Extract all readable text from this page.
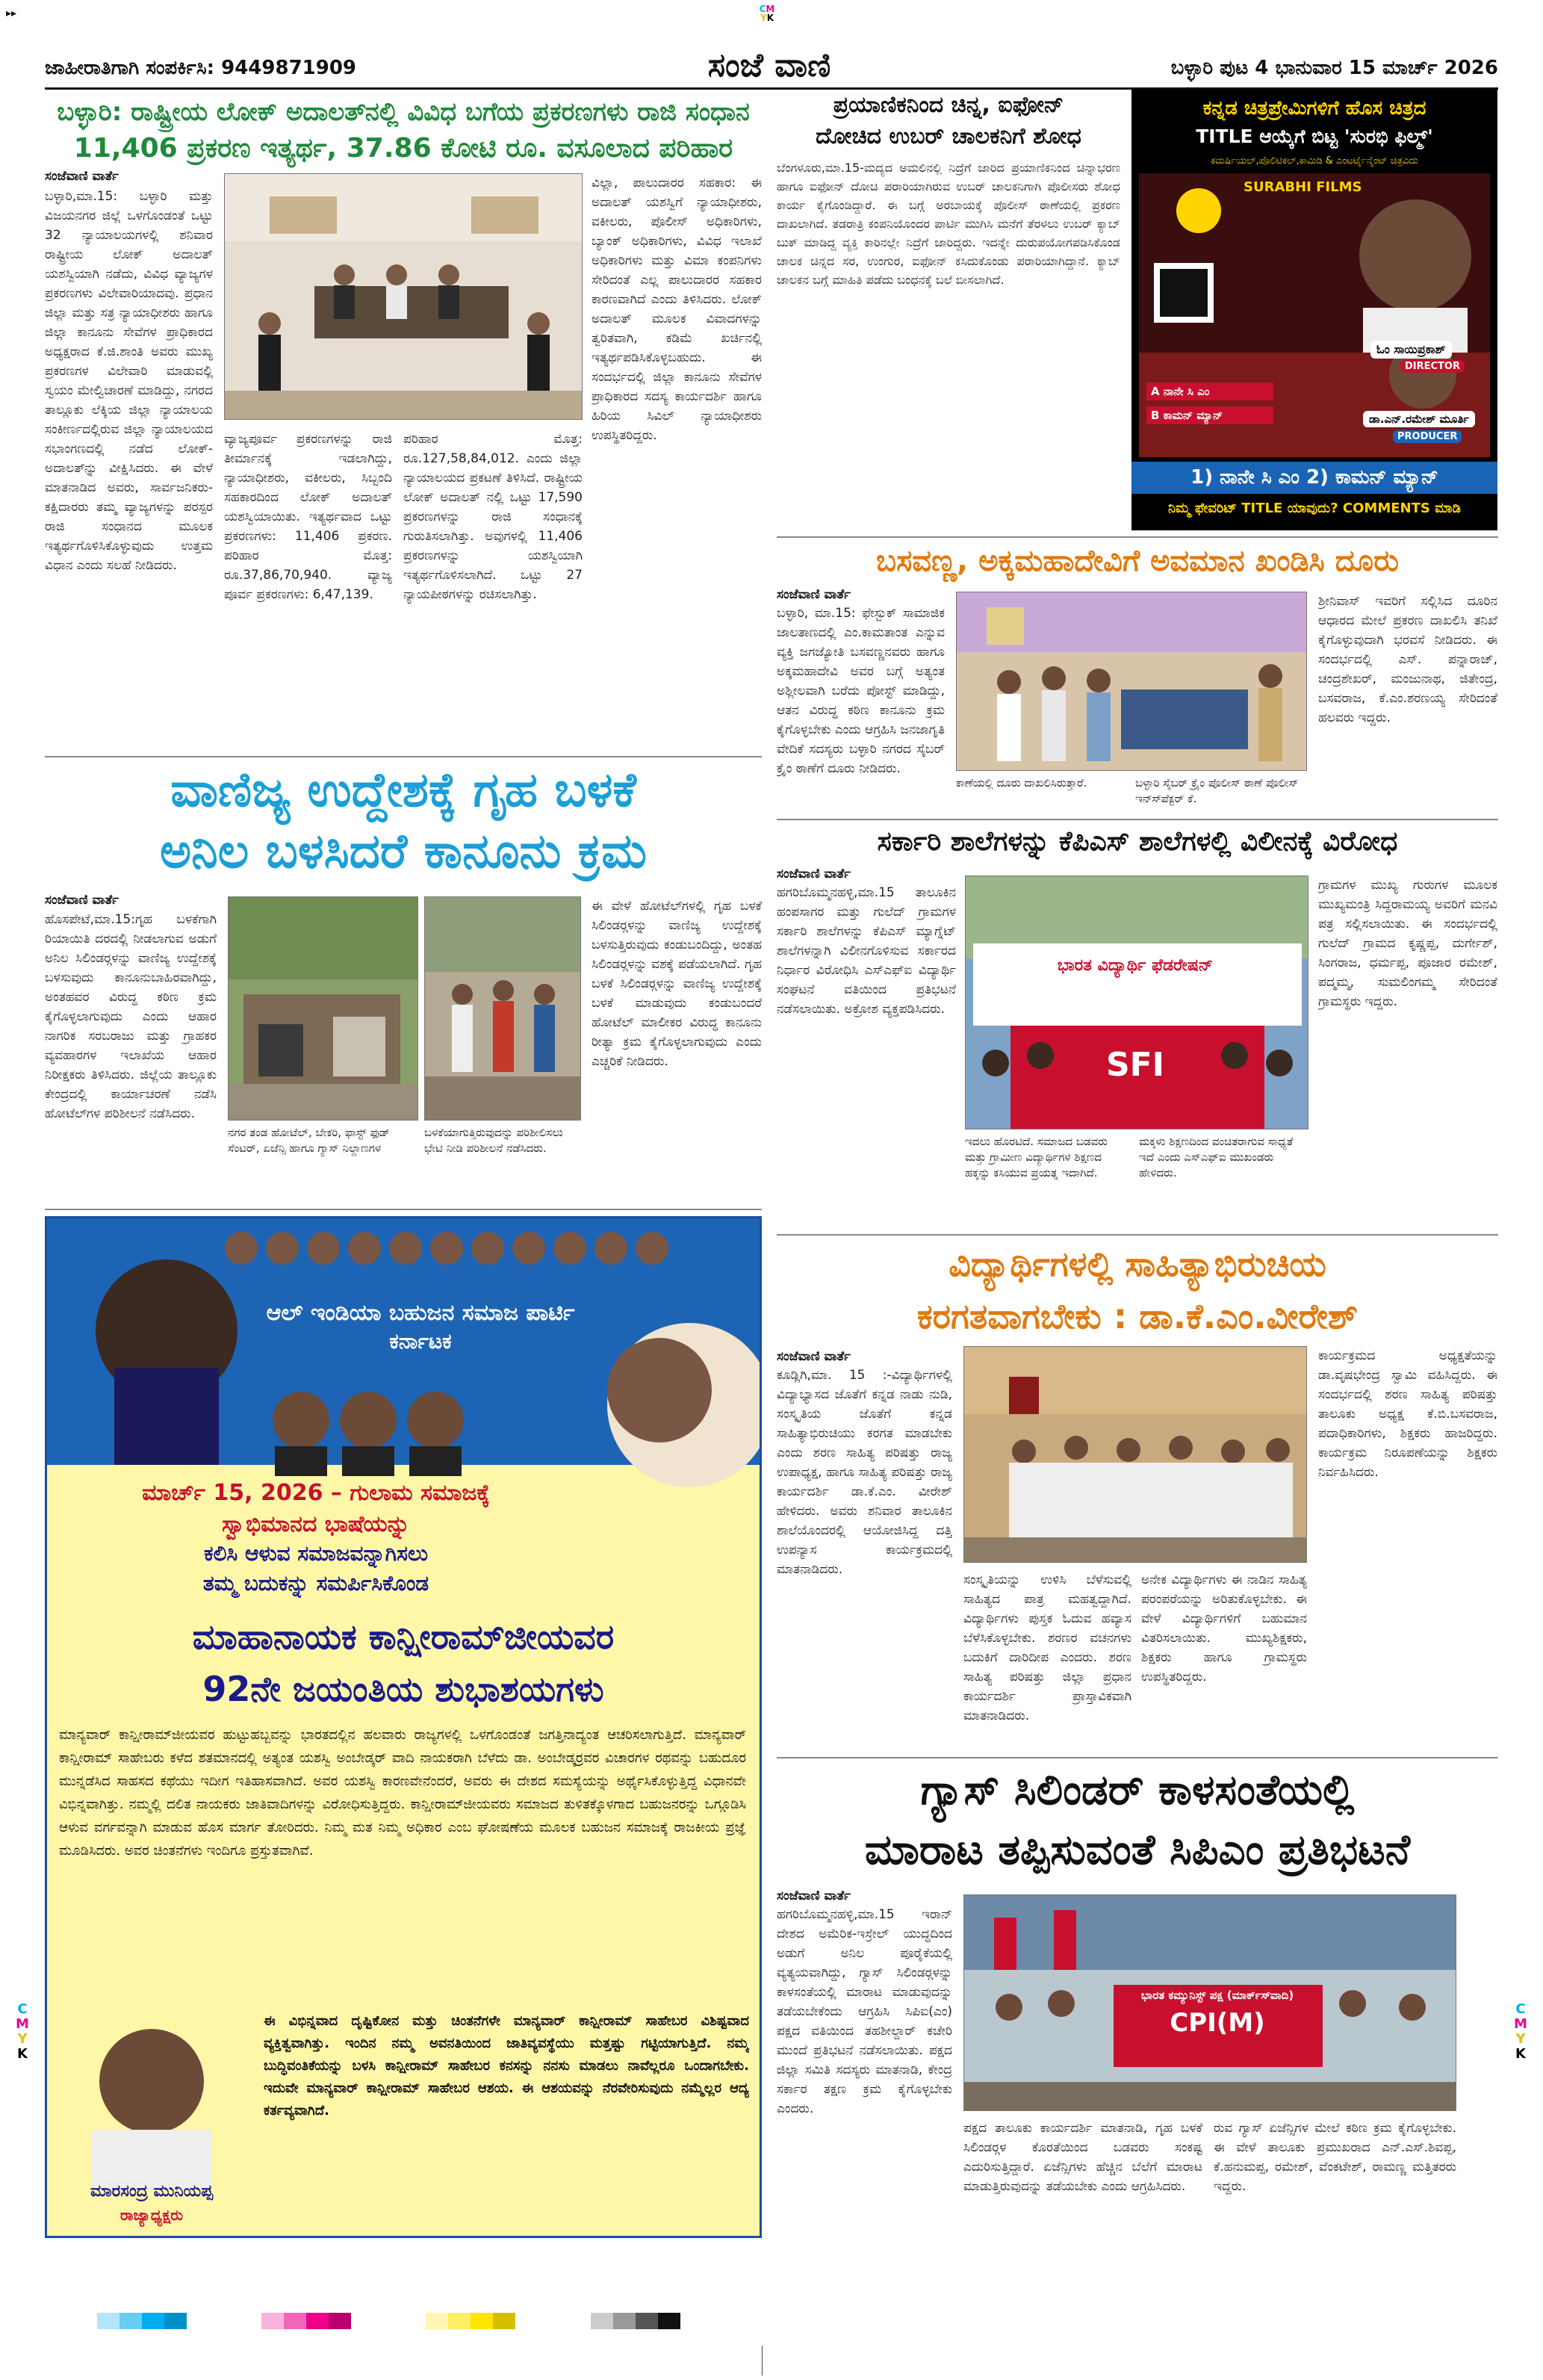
▸▸	CM
YK
ಜಾಹೀರಾತಿಗಾಗಿ ಸಂಪರ್ಕಿಸಿ: 9449871909	ಸಂಜೆ ವಾಣಿ	ಬಳ್ಳಾರಿ ಪುಟ 4 ಭಾನುವಾರ 15 ಮಾರ್ಚ್ 2026
ಬಳ್ಳಾರಿ: ರಾಷ್ಟ್ರೀಯ ಲೋಕ್ ಅದಾಲತ್‍ನಲ್ಲಿ ವಿವಿಧ ಬಗೆಯ ಪ್ರಕರಣಗಳು ರಾಜಿ ಸಂಧಾನ
11,406 ಪ್ರಕರಣ ಇತ್ಯರ್ಥ, 37.86 ಕೋಟಿ ರೂ. ವಸೂಲಾದ ಪರಿಹಾರ
ಸಂಜೆವಾಣಿ ವಾರ್ತೆ
ಬಳ್ಳಾರಿ,ಮಾ.15: ಬಳ್ಳಾರಿ ಮತ್ತು ವಿಜಯನಗರ ಜಿಲ್ಲೆ ಒಳಗೊಂಡಂತೆ ಒಟ್ಟು 32 ನ್ಯಾಯಾಲಯಗಳಲ್ಲಿ ಶನಿವಾರ ರಾಷ್ಟ್ರೀಯ ಲೋಕ್ ಅದಾಲತ್ ಯಶಸ್ವಿಯಾಗಿ ನಡೆದು, ವಿವಿಧ ವ್ಯಾಜ್ಯಗಳ ಪ್ರಕರಣಗಳು ವಿಲೇವಾರಿಯಾದವು. ಪ್ರಧಾನ ಜಿಲ್ಲಾ ಮತ್ತು ಸತ್ರ ನ್ಯಾಯಾಧೀಶರು ಹಾಗೂ ಜಿಲ್ಲಾ ಕಾನೂನು ಸೇವೆಗಳ ಪ್ರಾಧಿಕಾರದ ಅಧ್ಯಕ್ಷರಾದ ಕೆ.ಜಿ.ಶಾಂತಿ ಅವರು ಮುಖ್ಯ ಪ್ರಕರಣಗಳ ವಿಲೇವಾರಿ ಮಾಡುವಲ್ಲಿ ಸ್ವಯಂ ಮೇಲ್ವಿಚಾರಣೆ ಮಾಡಿದ್ದು, ನಗರದ ತಾಲ್ಲೂಕು ಲೆಕ್ಕಿಯ ಜಿಲ್ಲಾ ನ್ಯಾಯಾಲಯ ಸಂಕೀರ್ಣದಲ್ಲಿರುವ ಜಿಲ್ಲಾ ನ್ಯಾಯಾಲಯದ ಸಭಾಂಗಣದಲ್ಲಿ ನಡೆದ ಲೋಕ್-ಅದಾಲತ್‍ನ್ನು ವೀಕ್ಷಿಸಿದರು. ಈ ವೇಳೆ ಮಾತನಾಡಿದ ಅವರು, ಸಾರ್ವಜನಿಕರು-ಕಕ್ಷಿದಾರರು ತಮ್ಮ ವ್ಯಾಜ್ಯಗಳನ್ನು ಪರಸ್ಪರ ರಾಜಿ ಸಂಧಾನದ ಮೂಲಕ ಇತ್ಯರ್ಥಗೊಳಿಸಿಕೊಳ್ಳುವುದು ಉತ್ತಮ ವಿಧಾನ ಎಂದು ಸಲಹೆ ನೀಡಿದರು.
ವ್ಯಾಜ್ಯಪೂರ್ವ ಪ್ರಕರಣಗಳನ್ನು ರಾಜಿ ತೀರ್ಮಾನಕ್ಕೆ ಇಡಲಾಗಿದ್ದು, ನ್ಯಾಯಾಧೀಶರು, ವಕೀಲರು, ಸಿಬ್ಬಂದಿ ಸಹಕಾರದಿಂದ ಲೋಕ್ ಅದಾಲತ್ ಯಶಸ್ವಿಯಾಯಿತು. ಇತ್ಯರ್ಥವಾದ ಒಟ್ಟು ಪ್ರಕರಣಗಳು: 11,406 ಪ್ರಕರಣ. ಪರಿಹಾರ ಮೊತ್ತ: ರೂ.37,86,70,940. ವ್ಯಾಜ್ಯ ಪೂರ್ವ ಪ್ರಕರಣಗಳು: 6,47,139.
ಪರಿಹಾರ ಮೊತ್ತ: ರೂ.127,58,84,012. ಎಂದು ಜಿಲ್ಲಾ ನ್ಯಾಯಾಲಯದ ಪ್ರಕಟಣೆ ತಿಳಿಸಿದೆ. ರಾಷ್ಟ್ರೀಯ ಲೋಕ್ ಅದಾಲತ್ ನಲ್ಲಿ ಒಟ್ಟು 17,590 ಪ್ರಕರಣಗಳನ್ನು ರಾಜಿ ಸಂಧಾನಕ್ಕೆ ಗುರುತಿಸಲಾಗಿತ್ತು. ಅವುಗಳಲ್ಲಿ 11,406 ಪ್ರಕರಣಗಳನ್ನು ಯಶಸ್ವಿಯಾಗಿ ಇತ್ಯರ್ಥಗೊಳಿಸಲಾಗಿದೆ. ಒಟ್ಟು 27 ನ್ಯಾಯಪೀಠಗಳನ್ನು ರಚಿಸಲಾಗಿತ್ತು.
ವಿಲ್ಲಾ, ಪಾಲುದಾರರ ಸಹಕಾರ: ಈ ಅದಾಲತ್ ಯಶಸ್ವಿಗೆ ನ್ಯಾಯಾಧೀಶರು, ವಕೀಲರು, ಪೊಲೀಸ್ ಅಧಿಕಾರಿಗಳು, ಬ್ಯಾಂಕ್ ಅಧಿಕಾರಿಗಳು, ವಿವಿಧ ಇಲಾಖೆ ಅಧಿಕಾರಿಗಳು ಮತ್ತು ವಿಮಾ ಕಂಪನಿಗಳು ಸೇರಿದಂತೆ ಎಲ್ಲ ಪಾಲುದಾರರ ಸಹಕಾರ ಕಾರಣವಾಗಿದೆ ಎಂದು ತಿಳಿಸಿದರು. ಲೋಕ್ ಅದಾಲತ್ ಮೂಲಕ ವಿವಾದಗಳನ್ನು ತ್ವರಿತವಾಗಿ, ಕಡಿಮೆ ಖರ್ಚಿನಲ್ಲಿ ಇತ್ಯರ್ಥಪಡಿಸಿಕೊಳ್ಳಬಹುದು. ಈ ಸಂದರ್ಭದಲ್ಲಿ ಜಿಲ್ಲಾ ಕಾನೂನು ಸೇವೆಗಳ ಪ್ರಾಧಿಕಾರದ ಸದಸ್ಯ ಕಾರ್ಯದರ್ಶಿ ಹಾಗೂ ಹಿರಿಯ ಸಿವಿಲ್ ನ್ಯಾಯಾಧೀಶರು ಉಪಸ್ಥಿತರಿದ್ದರು.
ವಾಣಿಜ್ಯ ಉದ್ದೇಶಕ್ಕೆ ಗೃಹ ಬಳಕೆ
ಅನಿಲ ಬಳಸಿದರೆ ಕಾನೂನು ಕ್ರಮ
ಸಂಜೆವಾಣಿ ವಾರ್ತೆ
ಹೊಸಪೇಟೆ,ಮಾ.15:ಗೃಹ ಬಳಕೆಗಾಗಿ ರಿಯಾಯಿತಿ ದರದಲ್ಲಿ ನೀಡಲಾಗುವ ಅಡುಗೆ ಅನಿಲ ಸಿಲಿಂಡರ್‍ಗಳನ್ನು ವಾಣಿಜ್ಯ ಉದ್ದೇಶಕ್ಕೆ ಬಳಸುವುದು ಕಾನೂನುಬಾಹಿರವಾಗಿದ್ದು, ಅಂತಹವರ ವಿರುದ್ಧ ಕಠಿಣ ಕ್ರಮ ಕೈಗೊಳ್ಳಲಾಗುವುದು ಎಂದು ಆಹಾರ ನಾಗರಿಕ ಸರಬರಾಜು ಮತ್ತು ಗ್ರಾಹಕರ ವ್ಯವಹಾರಗಳ ಇಲಾಖೆಯ ಆಹಾರ ನಿರೀಕ್ಷಕರು ತಿಳಿಸಿದರು. ಜಿಲ್ಲೆಯ ತಾಲ್ಲೂಕು ಕೇಂದ್ರದಲ್ಲಿ ಕಾರ್ಯಾಚರಣೆ ನಡೆಸಿ ಹೋಟೆಲ್‍ಗಳ ಪರಿಶೀಲನೆ ನಡೆಸಿದರು.
ನಗರ ತಂಡ ಹೋಟೆಲ್, ಬೇಕರಿ, ಫಾಸ್ಟ್ ಫುಡ್ ಸೆಂಟರ್, ಏಜೆನ್ಸಿ ಹಾಗೂ ಗ್ಯಾಸ್ ನಿಲ್ದಾಣಗಳ
ಬಳಕೆಯಾಗುತ್ತಿರುವುದನ್ನು ಪರಿಶೀಲಿಸಲು ಭೇಟಿ ನೀಡಿ ಪರಿಶೀಲನೆ ನಡೆಸಿದರು.
ಈ ವೇಳೆ ಹೋಟೆಲ್‍ಗಳಲ್ಲಿ ಗೃಹ ಬಳಕೆ ಸಿಲಿಂಡರ್‍ಗಳನ್ನು ವಾಣಿಜ್ಯ ಉದ್ದೇಶಕ್ಕೆ ಬಳಸುತ್ತಿರುವುದು ಕಂಡುಬಂದಿದ್ದು, ಅಂತಹ ಸಿಲಿಂಡರ್‍ಗಳನ್ನು ವಶಕ್ಕೆ ಪಡೆಯಲಾಗಿದೆ. ಗೃಹ ಬಳಕೆ ಸಿಲಿಂಡರ್‍ಗಳನ್ನು ವಾಣಿಜ್ಯ ಉದ್ದೇಶಕ್ಕೆ ಬಳಕೆ ಮಾಡುವುದು ಕಂಡುಬಂದರೆ ಹೋಟೆಲ್ ಮಾಲೀಕರ ವಿರುದ್ಧ ಕಾನೂನು ರೀತ್ಯಾ ಕ್ರಮ ಕೈಗೊಳ್ಳಲಾಗುವುದು ಎಂದು ಎಚ್ಚರಿಕೆ ನೀಡಿದರು.
ಆಲ್ ಇಂಡಿಯಾ ಬಹುಜನ ಸಮಾಜ ಪಾರ್ಟಿ
ಕರ್ನಾಟಕ
ಮಾರ್ಚ್ 15, 2026 – ಗುಲಾಮ ಸಮಾಜಕ್ಕೆ
ಸ್ವಾಭಿಮಾನದ ಭಾಷೆಯನ್ನು
ಕಲಿಸಿ ಆಳುವ ಸಮಾಜವನ್ನಾಗಿಸಲು
ತಮ್ಮ ಬದುಕನ್ನು ಸಮರ್ಪಿಸಿಕೊಂಡ
ಮಾಹಾನಾಯಕ ಕಾನ್ಷೀರಾಮ್‍ಜೀಯವರ
92ನೇ ಜಯಂತಿಯ ಶುಭಾಶಯಗಳು
ಮಾನ್ಯವಾರ್ ಕಾನ್ಷೀರಾಮ್‍ಜೀಯವರ ಹುಟ್ಟುಹಬ್ಬವನ್ನು ಭಾರತದಲ್ಲಿನ ಹಲವಾರು ರಾಜ್ಯಗಳಲ್ಲಿ ಒಳಗೊಂಡಂತೆ ಜಗತ್ತಿನಾದ್ಯಂತ ಆಚರಿಸಲಾಗುತ್ತಿದೆ. ಮಾನ್ಯವಾರ್ ಕಾನ್ಷೀರಾಮ್ ಸಾಹೇಬರು ಕಳೆದ ಶತಮಾನದಲ್ಲಿ ಅತ್ಯಂತ ಯಶಸ್ವಿ ಅಂಬೇಡ್ಕರ್ ವಾದಿ ನಾಯಕರಾಗಿ ಬೆಳೆದು ಡಾ. ಅಂಬೇಡ್ಕರ್‍ರವರ ವಿಚಾರಗಳ ರಥವನ್ನು ಬಹುದೂರ ಮುನ್ನಡೆಸಿದ ಸಾಹಸದ ಕಥೆಯು ಇದೀಗ ಇತಿಹಾಸವಾಗಿದೆ. ಅವರ ಯಶಸ್ವಿ ಕಾರಣವೇನೆಂದರೆ, ಅವರು ಈ ದೇಶದ ಸಮಸ್ಯೆಯನ್ನು ಅರ್ಥೈಸಿಕೊಳ್ಳುತ್ತಿದ್ದ ವಿಧಾನವೇ ವಿಭಿನ್ನವಾಗಿತ್ತು. ನಮ್ಮಲ್ಲಿ ದಲಿತ ನಾಯಕರು ಜಾತಿವಾದಿಗಳನ್ನು ವಿರೋಧಿಸುತ್ತಿದ್ದರು. ಕಾನ್ಷೀರಾಮ್‍ಜೀಯವರು ಸಮಾಜದ ತುಳಿತಕ್ಕೊಳಗಾದ ಬಹುಜನರನ್ನು ಒಗ್ಗೂಡಿಸಿ ಆಳುವ ವರ್ಗವನ್ನಾಗಿ ಮಾಡುವ ಹೊಸ ಮಾರ್ಗ ತೋರಿದರು. ನಿಮ್ಮ ಮತ ನಿಮ್ಮ ಅಧಿಕಾರ ಎಂಬ ಘೋಷಣೆಯ ಮೂಲಕ ಬಹುಜನ ಸಮಾಜಕ್ಕೆ ರಾಜಕೀಯ ಪ್ರಜ್ಞೆ ಮೂಡಿಸಿದರು. ಅವರ ಚಿಂತನೆಗಳು ಇಂದಿಗೂ ಪ್ರಸ್ತುತವಾಗಿವೆ.
ಮಾರಸಂದ್ರ ಮುನಿಯಪ್ಪ
ರಾಜ್ಯಾಧ್ಯಕ್ಷರು
ಈ ವಿಭಿನ್ನವಾದ ದೃಷ್ಟಿಕೋನ ಮತ್ತು ಚಿಂತನೆಗಳೇ ಮಾನ್ಯವಾರ್ ಕಾನ್ಷೀರಾಮ್ ಸಾಹೇಬರ ವಿಶಿಷ್ಟವಾದ ವ್ಯಕ್ತಿತ್ವವಾಗಿತ್ತು. ಇಂದಿನ ನಮ್ಮ ಅವನತಿಯಿಂದ ಜಾತಿವ್ಯವಸ್ಥೆಯು ಮತ್ತಷ್ಟು ಗಟ್ಟಿಯಾಗುತ್ತಿದೆ. ನಮ್ಮ ಬುದ್ಧಿವಂತಿಕೆಯನ್ನು ಬಳಸಿ ಕಾನ್ಷೀರಾಮ್ ಸಾಹೇಬರ ಕನಸನ್ನು ನನಸು ಮಾಡಲು ನಾವೆಲ್ಲರೂ ಒಂದಾಗಬೇಕು. ಇದುವೇ ಮಾನ್ಯವಾರ್ ಕಾನ್ಷೀರಾಮ್ ಸಾಹೇಬರ ಆಶಯ. ಈ ಆಶಯವನ್ನು ನೆರವೇರಿಸುವುದು ನಮ್ಮೆಲ್ಲರ ಆದ್ಯ ಕರ್ತವ್ಯವಾಗಿದೆ.
ಪ್ರಯಾಣಿಕನಿಂದ ಚಿನ್ನ, ಐಫೋನ್
ದೋಚಿದ ಉಬರ್ ಚಾಲಕನಿಗೆ ಶೋಧ
ಬೆಂಗಳೂರು,ಮಾ.15-ಮದ್ಯದ ಅಮಲಿನಲ್ಲಿ ನಿದ್ರೆಗೆ ಜಾರಿದ ಪ್ರಯಾಣಿಕನಿಂದ ಚಿನ್ನಾಭರಣ ಹಾಗೂ ಐಫೋನ್ ದೋಚಿ ಪರಾರಿಯಾಗಿರುವ ಉಬರ್ ಚಾಲಕನಿಗಾಗಿ ಪೊಲೀಸರು ಶೋಧ ಕಾರ್ಯ ಕೈಗೊಂಡಿದ್ದಾರೆ. ಈ ಬಗ್ಗೆ ಅರಬಾಯಕ್ಕೆ ಪೊಲೀಸ್ ಠಾಣೆಯಲ್ಲಿ ಪ್ರಕರಣ ದಾಖಲಾಗಿದೆ. ತಡರಾತ್ರಿ ಕಂಪನಿಯೊಂದರ ಪಾರ್ಟಿ ಮುಗಿಸಿ ಮನೆಗೆ ತೆರಳಲು ಉಬರ್ ಕ್ಯಾಬ್ ಬುಕ್ ಮಾಡಿದ್ದ ವ್ಯಕ್ತಿ ಕಾರಿನಲ್ಲೇ ನಿದ್ರೆಗೆ ಜಾರಿದ್ದರು. ಇದನ್ನೇ ದುರುಪಯೋಗಪಡಿಸಿಕೊಂಡ ಚಾಲಕ ಚಿನ್ನದ ಸರ, ಉಂಗುರ, ಐಫೋನ್ ಕಸಿದುಕೊಂಡು ಪರಾರಿಯಾಗಿದ್ದಾನೆ. ಕ್ಯಾಬ್ ಚಾಲಕನ ಬಗ್ಗೆ ಮಾಹಿತಿ ಪಡೆದು ಬಂಧನಕ್ಕೆ ಬಲೆ ಬೀಸಲಾಗಿದೆ.
ಕನ್ನಡ ಚಿತ್ರಪ್ರೇಮಿಗಳಿಗೆ ಹೊಸ ಚಿತ್ರದ
TITLE ಆಯ್ಕೆಗೆ ಬಿಟ್ಟ 'ಸುರಭಿ ಫಿಲ್ಮ್'
ಕಮರ್ಷಿಯಲ್,ಪೊಲಿಟಿಕಲ್,ಕಾಮಿಡಿ & ಎಂಟರ್ಟೈನ್ಮೆಂಟ್ ಚಿತ್ರವಿದು
SURABHI FILMS
ಓಂ ಸಾಯಿಪ್ರಕಾಶ್
DIRECTOR
A ನಾನೇ ಸಿ ಎಂ
B ಕಾಮನ್ ಮ್ಯಾನ್	ಡಾ.ಎನ್.ರಮೇಶ್ ಮೂರ್ತಿ
PRODUCER
1) ನಾನೇ ಸಿ ಎಂ 2) ಕಾಮನ್ ಮ್ಯಾನ್
ನಿಮ್ಮ ಫೇವರಿಟ್ TITLE ಯಾವುದು? COMMENTS ಮಾಡಿ
ಬಸವಣ್ಣ, ಅಕ್ಕಮಹಾದೇವಿಗೆ ಅವಮಾನ ಖಂಡಿಸಿ ದೂರು
ಸಂಜೆವಾಣಿ ವಾರ್ತೆ
ಬಳ್ಳಾರಿ, ಮಾ.15: ಫೇಸ್ಬುಕ್ ಸಾಮಾಜಿಕ ಜಾಲತಾಣದಲ್ಲಿ ಎಂ.ಕಾಮತಾಂತ ಎನ್ನುವ ವ್ಯಕ್ತಿ ಜಗಜ್ಯೋತಿ ಬಸವಣ್ಣನವರು ಹಾಗೂ ಅಕ್ಕಮಹಾದೇವಿ ಅವರ ಬಗ್ಗೆ ಅತ್ಯಂತ ಅಶ್ಲೀಲವಾಗಿ ಬರೆದು ಪೋಸ್ಟ್ ಮಾಡಿದ್ದು, ಆತನ ವಿರುದ್ಧ ಕಠಿಣ ಕಾನೂನು ಕ್ರಮ ಕೈಗೊಳ್ಳಬೇಕು ಎಂದು ಆಗ್ರಹಿಸಿ ಜನಜಾಗೃತಿ ವೇದಿಕೆ ಸದಸ್ಯರು ಬಳ್ಳಾರಿ ನಗರದ ಸೈಬರ್ ಕ್ರೈಂ ಠಾಣೆಗೆ ದೂರು ನೀಡಿದರು.
ಕಾಣೆಯಲ್ಲಿ ದೂರು ದಾಖಲಿಸಿರುತ್ತಾರೆ.	ಬಳ್ಳಾರಿ ಸೈಬರ್ ಕ್ರೈಂ ಪೊಲೀಸ್ ಠಾಣೆ ಪೊಲೀಸ್ ಇನ್ಸ್‍ಪೆಕ್ಟರ್ ಕೆ.
ಶ್ರೀನಿವಾಸ್ ಇವರಿಗೆ ಸಲ್ಲಿಸಿದ ದೂರಿನ ಆಧಾರದ ಮೇಲೆ ಪ್ರಕರಣ ದಾಖಲಿಸಿ ತನಿಖೆ ಕೈಗೊಳ್ಳುವುದಾಗಿ ಭರವಸೆ ನೀಡಿದರು. ಈ ಸಂದರ್ಭದಲ್ಲಿ ಎಸ್. ಪನ್ನಾರಾಜ್, ಚಂದ್ರಶೇಖರ್, ಮಂಜುನಾಥ, ಜಿತೇಂದ್ರ, ಬಸವರಾಜ, ಕೆ.ಎಂ.ಶರಣಯ್ಯ ಸೇರಿದಂತೆ ಹಲವರು ಇದ್ದರು.
ಸರ್ಕಾರಿ ಶಾಲೆಗಳನ್ನು ಕೆಪಿಎಸ್ ಶಾಲೆಗಳಲ್ಲಿ ವಿಲೀನಕ್ಕೆ ವಿರೋಧ
ಸಂಜೆವಾಣಿ ವಾರ್ತೆ
ಹಗರಿಬೊಮ್ಮನಹಳ್ಳಿ,ಮಾ.15 ತಾಲೂಕಿನ ಹಂಪಸಾಗರ ಮತ್ತು ಗುಲೆದ್ ಗ್ರಾಮಗಳ ಸರ್ಕಾರಿ ಶಾಲೆಗಳನ್ನು ಕೆಪಿಎಸ್ ಮ್ಯಾಗ್ನೆಟ್ ಶಾಲೆಗಳನ್ನಾಗಿ ವಿಲೀನಗೊಳಿಸುವ ಸರ್ಕಾರದ ನಿರ್ಧಾರ ವಿರೋಧಿಸಿ ಎಸ್‍ಎಫ್‍ಐ ವಿದ್ಯಾರ್ಥಿ ಸಂಘಟನೆ ವತಿಯಿಂದ ಪ್ರತಿಭಟನೆ ನಡೆಸಲಾಯಿತು. ಅಕ್ರೋಶ ವ್ಯಕ್ತಪಡಿಸಿದರು.
ಭಾರತ ವಿದ್ಯಾರ್ಥಿ ಫೆಡರೇಷನ್
SFI
ಗ್ರಾಮಗಳ ಮುಖ್ಯ ಗುರುಗಳ ಮೂಲಕ ಮುಖ್ಯಮಂತ್ರಿ ಸಿದ್ದರಾಮಯ್ಯ ಅವರಿಗೆ ಮನವಿ ಪತ್ರ ಸಲ್ಲಿಸಲಾಯಿತು. ಈ ಸಂದರ್ಭದಲ್ಲಿ ಗುಲೆದ್ ಗ್ರಾಮದ ಕೃಷ್ಣಪ್ಪ, ದುರ್ಗೇಶ್, ಸಿಂಗರಾಜ, ಧರ್ಮಪ್ಪ, ಪೂಜಾರ ರಮೇಶ್, ಪದ್ಮಮ್ಮ, ಸುಮಲಿಂಗಮ್ಮ ಸೇರಿದಂತೆ ಗ್ರಾಮಸ್ಥರು ಇದ್ದರು.
ಇದಲು ಹೊರಟಿದೆ. ಸಮಾಜದ ಬಡವರು ಮತ್ತು ಗ್ರಾಮೀಣ ವಿದ್ಯಾರ್ಥಿಗಳ ಶಿಕ್ಷಣದ ಹಕ್ಕನ್ನು ಕಸಿಯುವ ಪ್ರಯತ್ನ ಇದಾಗಿದೆ.
ಮಕ್ಕಳು ಶಿಕ್ಷಣದಿಂದ ವಂಚಿತರಾಗುವ ಸಾಧ್ಯತೆ ಇದೆ ಎಂದು ಎಸ್‍ಎಫ್‍ಐ ಮುಖಂಡರು ಹೇಳಿದರು.
ವಿದ್ಯಾರ್ಥಿಗಳಲ್ಲಿ ಸಾಹಿತ್ಯಾಭಿರುಚಿಯ
ಕರಗತವಾಗಬೇಕು : ಡಾ.ಕೆ.ಎಂ.ವೀರೇಶ್
ಸಂಜೆವಾಣಿ ವಾರ್ತೆ
ಕೂಡ್ಲಿಗಿ,ಮಾ. 15 :-ವಿದ್ಯಾರ್ಥಿಗಳಲ್ಲಿ ವಿದ್ಯಾಭ್ಯಾಸದ ಜೊತೆಗೆ ಕನ್ನಡ ನಾಡು ನುಡಿ, ಸಂಸ್ಕೃತಿಯ ಜೊತೆಗೆ ಕನ್ನಡ ಸಾಹಿತ್ಯಾಭಿರುಚಿಯು ಕರಗತ ಮಾಡಬೇಕು ಎಂದು ಶರಣ ಸಾಹಿತ್ಯ ಪರಿಷತ್ತು ರಾಜ್ಯ ಉಪಾಧ್ಯಕ್ಷ, ಹಾಗೂ ಸಾಹಿತ್ಯ ಪರಿಷತ್ತು ರಾಜ್ಯ ಕಾರ್ಯದರ್ಶಿ ಡಾ.ಕೆ.ಎಂ. ವೀರೇಶ್ ಹೇಳಿದರು. ಅವರು ಶನಿವಾರ ತಾಲೂಕಿನ ಶಾಲೆಯೊಂದರಲ್ಲಿ ಆಯೋಜಿಸಿದ್ದ ದತ್ತಿ ಉಪನ್ಯಾಸ ಕಾರ್ಯಕ್ರಮದಲ್ಲಿ ಮಾತನಾಡಿದರು.
ಸಂಸ್ಕೃತಿಯನ್ನು ಉಳಿಸಿ ಬೆಳೆಸುವಲ್ಲಿ ಸಾಹಿತ್ಯದ ಪಾತ್ರ ಮಹತ್ವದ್ದಾಗಿದೆ. ವಿದ್ಯಾರ್ಥಿಗಳು ಪುಸ್ತಕ ಓದುವ ಹವ್ಯಾಸ ಬೆಳೆಸಿಕೊಳ್ಳಬೇಕು. ಶರಣರ ವಚನಗಳು ಬದುಕಿಗೆ ದಾರಿದೀಪ ಎಂದರು. ಶರಣ ಸಾಹಿತ್ಯ ಪರಿಷತ್ತು ಜಿಲ್ಲಾ ಪ್ರಧಾನ ಕಾರ್ಯದರ್ಶಿ ಪ್ರಾಸ್ತಾವಿಕವಾಗಿ ಮಾತನಾಡಿದರು.
ಅನೇಕ ವಿದ್ಯಾರ್ಥಿಗಳು ಈ ನಾಡಿನ ಸಾಹಿತ್ಯ ಪರಂಪರೆಯನ್ನು ಅರಿತುಕೊಳ್ಳಬೇಕು. ಈ ವೇಳೆ ವಿದ್ಯಾರ್ಥಿಗಳಿಗೆ ಬಹುಮಾನ ವಿತರಿಸಲಾಯಿತು. ಮುಖ್ಯಶಿಕ್ಷಕರು, ಶಿಕ್ಷಕರು ಹಾಗೂ ಗ್ರಾಮಸ್ಥರು ಉಪಸ್ಥಿತರಿದ್ದರು.
ಕಾರ್ಯಕ್ರಮದ ಅಧ್ಯಕ್ಷತೆಯನ್ನು ಡಾ.ವೃಷಭೇಂದ್ರ ಸ್ವಾಮಿ ವಹಿಸಿದ್ದರು. ಈ ಸಂದರ್ಭದಲ್ಲಿ ಶರಣ ಸಾಹಿತ್ಯ ಪರಿಷತ್ತು ತಾಲೂಕು ಅಧ್ಯಕ್ಷ ಕೆ.ಬಿ.ಬಸವರಾಜ, ಪದಾಧಿಕಾರಿಗಳು, ಶಿಕ್ಷಕರು ಹಾಜರಿದ್ದರು. ಕಾರ್ಯಕ್ರಮ ನಿರೂಪಣೆಯನ್ನು ಶಿಕ್ಷಕರು ನಿರ್ವಹಿಸಿದರು.
ಗ್ಯಾಸ್ ಸಿಲಿಂಡರ್ ಕಾಳಸಂತೆಯಲ್ಲಿ
ಮಾರಾಟ ತಪ್ಪಿಸುವಂತೆ ಸಿಪಿಎಂ ಪ್ರತಿಭಟನೆ
ಸಂಜೆವಾಣಿ ವಾರ್ತೆ
ಹಗರಿಬೊಮ್ಮನಹಳ್ಳಿ,ಮಾ.15 ಇರಾನ್ ದೇಶದ ಅಮೆರಿಕ-ಇಸ್ರೇಲ್ ಯುದ್ಧದಿಂದ ಅಡುಗೆ ಅನಿಲ ಪೂರೈಕೆಯಲ್ಲಿ ವ್ಯತ್ಯಯವಾಗಿದ್ದು, ಗ್ಯಾಸ್ ಸಿಲಿಂಡರ್‍ಗಳನ್ನು ಕಾಳಸಂತೆಯಲ್ಲಿ ಮಾರಾಟ ಮಾಡುವುದನ್ನು ತಡೆಯಬೇಕೆಂದು ಆಗ್ರಹಿಸಿ ಸಿಪಿಐ(ಎಂ) ಪಕ್ಷದ ವತಿಯಿಂದ ತಹಶೀಲ್ದಾರ್ ಕಚೇರಿ ಮುಂದೆ ಪ್ರತಿಭಟನೆ ನಡೆಸಲಾಯಿತು. ಪಕ್ಷದ ಜಿಲ್ಲಾ ಸಮಿತಿ ಸದಸ್ಯರು ಮಾತನಾಡಿ, ಕೇಂದ್ರ ಸರ್ಕಾರ ತಕ್ಷಣ ಕ್ರಮ ಕೈಗೊಳ್ಳಬೇಕು ಎಂದರು.
ಭಾರತ ಕಮ್ಯುನಿಸ್ಟ್ ಪಕ್ಷ (ಮಾರ್ಕ್ಸ್‍ವಾದಿ)
CPI(M)
ಪಕ್ಷದ ತಾಲೂಕು ಕಾರ್ಯದರ್ಶಿ ಮಾತನಾಡಿ, ಗೃಹ ಬಳಕೆ ಸಿಲಿಂಡರ್‍ಗಳ ಕೊರತೆಯಿಂದ ಬಡವರು ಸಂಕಷ್ಟ ಎದುರಿಸುತ್ತಿದ್ದಾರೆ. ಏಜೆನ್ಸಿಗಳು ಹೆಚ್ಚಿನ ಬೆಲೆಗೆ ಮಾರಾಟ ಮಾಡುತ್ತಿರುವುದನ್ನು ತಡೆಯಬೇಕು ಎಂದು ಆಗ್ರಹಿಸಿದರು.
ರುವ ಗ್ಯಾಸ್ ಏಜೆನ್ಸಿಗಳ ಮೇಲೆ ಕಠಿಣ ಕ್ರಮ ಕೈಗೊಳ್ಳಬೇಕು. ಈ ವೇಳೆ ತಾಲೂಕು ಪ್ರಮುಖರಾದ ಎನ್.ಎಸ್.ಶಿವಪ್ಪ, ಕೆ.ಹನುಮಪ್ಪ, ರಮೇಶ್, ವೆಂಕಟೇಶ್, ರಾಮಣ್ಣ ಮತ್ತಿತರರು ಇದ್ದರು.
C
M
Y
K
C
M
Y
K
